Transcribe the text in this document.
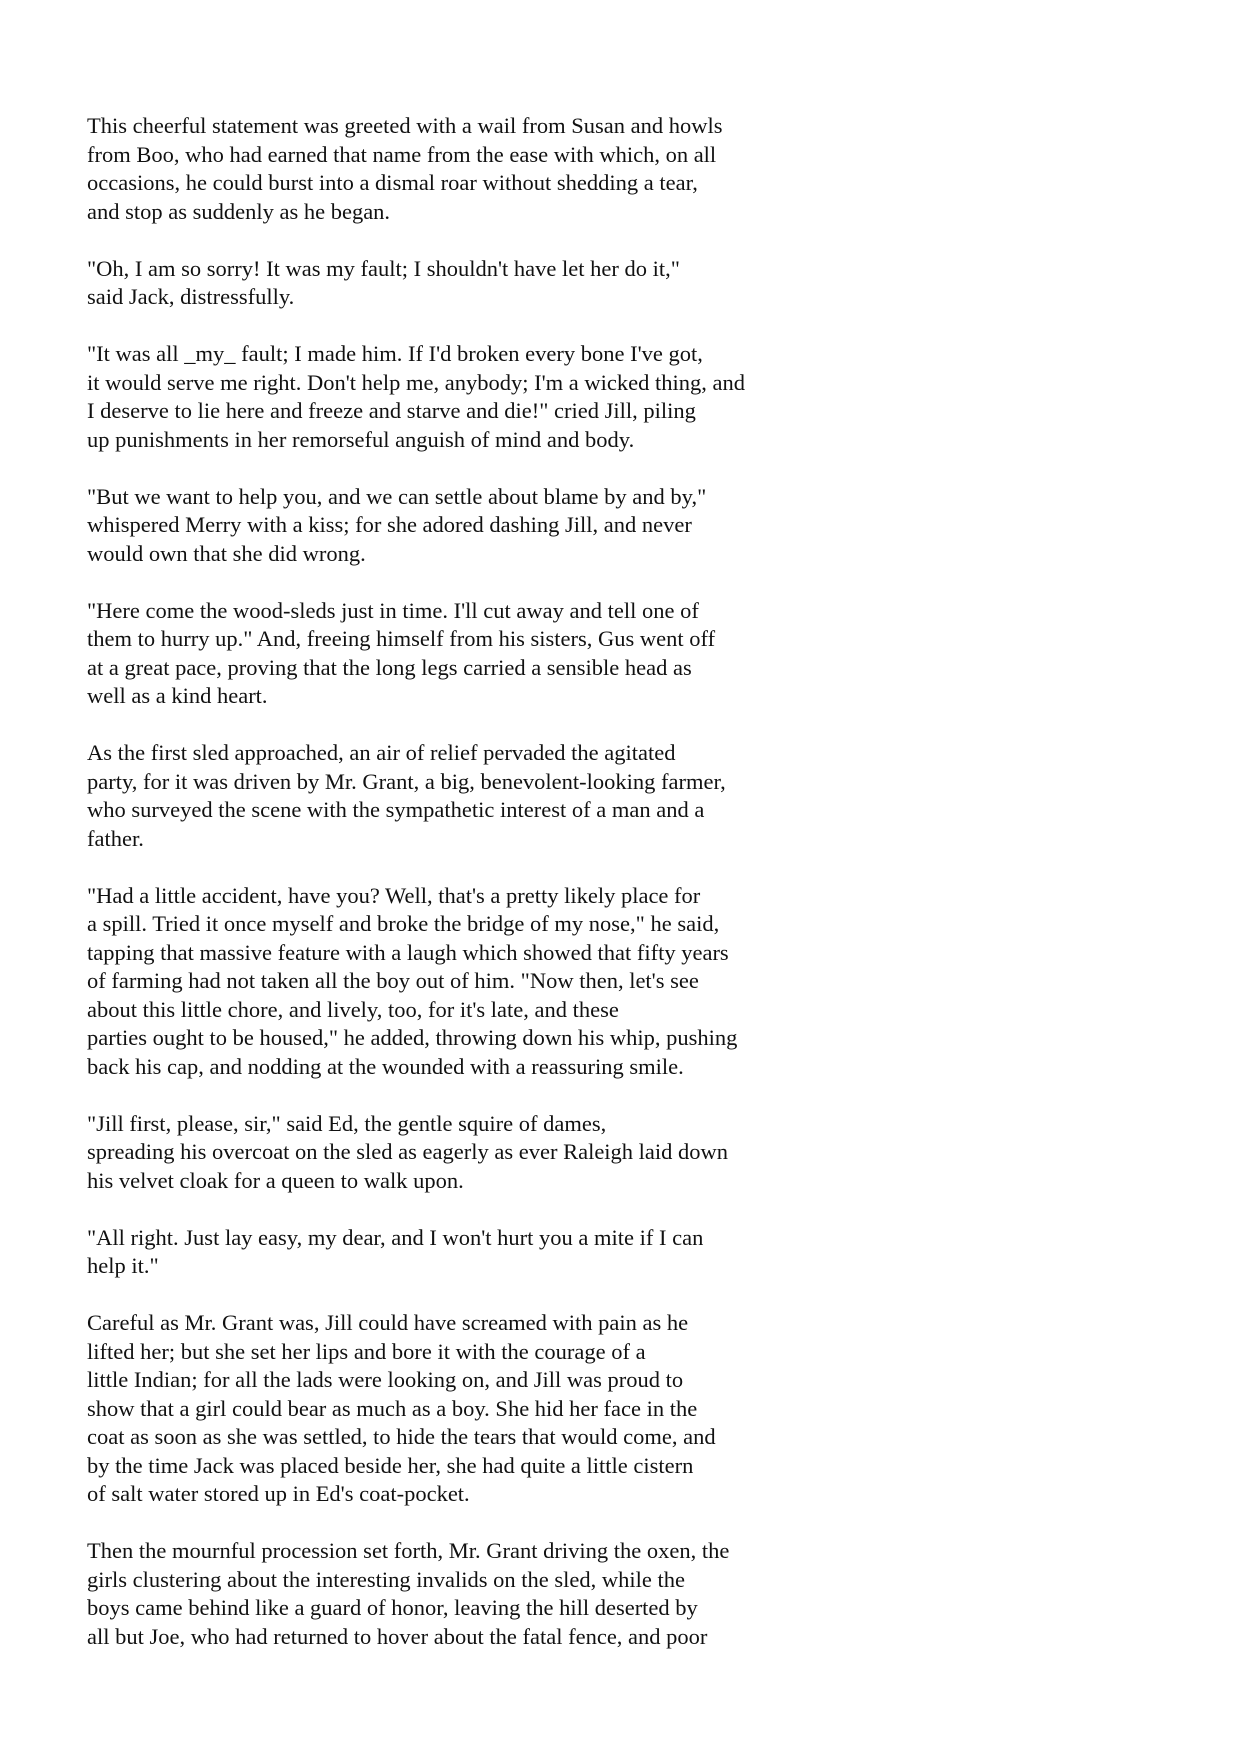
This cheerful statement was greeted with a wail from Susan and howls
from Boo, who had earned that name from the ease with which, on all
occasions, he could burst into a dismal roar without shedding a tear,
and stop as suddenly as he began.

"Oh, I am so sorry! It was my fault; I shouldn't have let her do it,"
said Jack, distressfully.

"It was all _my_ fault; I made him. If I'd broken every bone I've got,
it would serve me right. Don't help me, anybody; I'm a wicked thing, and
I deserve to lie here and freeze and starve and die!" cried Jill, piling
up punishments in her remorseful anguish of mind and body.

"But we want to help you, and we can settle about blame by and by,"
whispered Merry with a kiss; for she adored dashing Jill, and never
would own that she did wrong.

"Here come the wood-sleds just in time. I'll cut away and tell one of
them to hurry up." And, freeing himself from his sisters, Gus went off
at a great pace, proving that the long legs carried a sensible head as
well as a kind heart.

As the first sled approached, an air of relief pervaded the agitated
party, for it was driven by Mr. Grant, a big, benevolent-looking farmer,
who surveyed the scene with the sympathetic interest of a man and a
father.

"Had a little accident, have you? Well, that's a pretty likely place for
a spill. Tried it once myself and broke the bridge of my nose," he said,
tapping that massive feature with a laugh which showed that fifty years
of farming had not taken all the boy out of him. "Now then, let's see
about this little chore, and lively, too, for it's late, and these
parties ought to be housed," he added, throwing down his whip, pushing
back his cap, and nodding at the wounded with a reassuring smile.

"Jill first, please, sir," said Ed, the gentle squire of dames,
spreading his overcoat on the sled as eagerly as ever Raleigh laid down
his velvet cloak for a queen to walk upon.

"All right. Just lay easy, my dear, and I won't hurt you a mite if I can
help it."

Careful as Mr. Grant was, Jill could have screamed with pain as he
lifted her; but she set her lips and bore it with the courage of a
little Indian; for all the lads were looking on, and Jill was proud to
show that a girl could bear as much as a boy. She hid her face in the
coat as soon as she was settled, to hide the tears that would come, and
by the time Jack was placed beside her, she had quite a little cistern
of salt water stored up in Ed's coat-pocket.

Then the mournful procession set forth, Mr. Grant driving the oxen, the
girls clustering about the interesting invalids on the sled, while the
boys came behind like a guard of honor, leaving the hill deserted by
all but Joe, who had returned to hover about the fatal fence, and poor
